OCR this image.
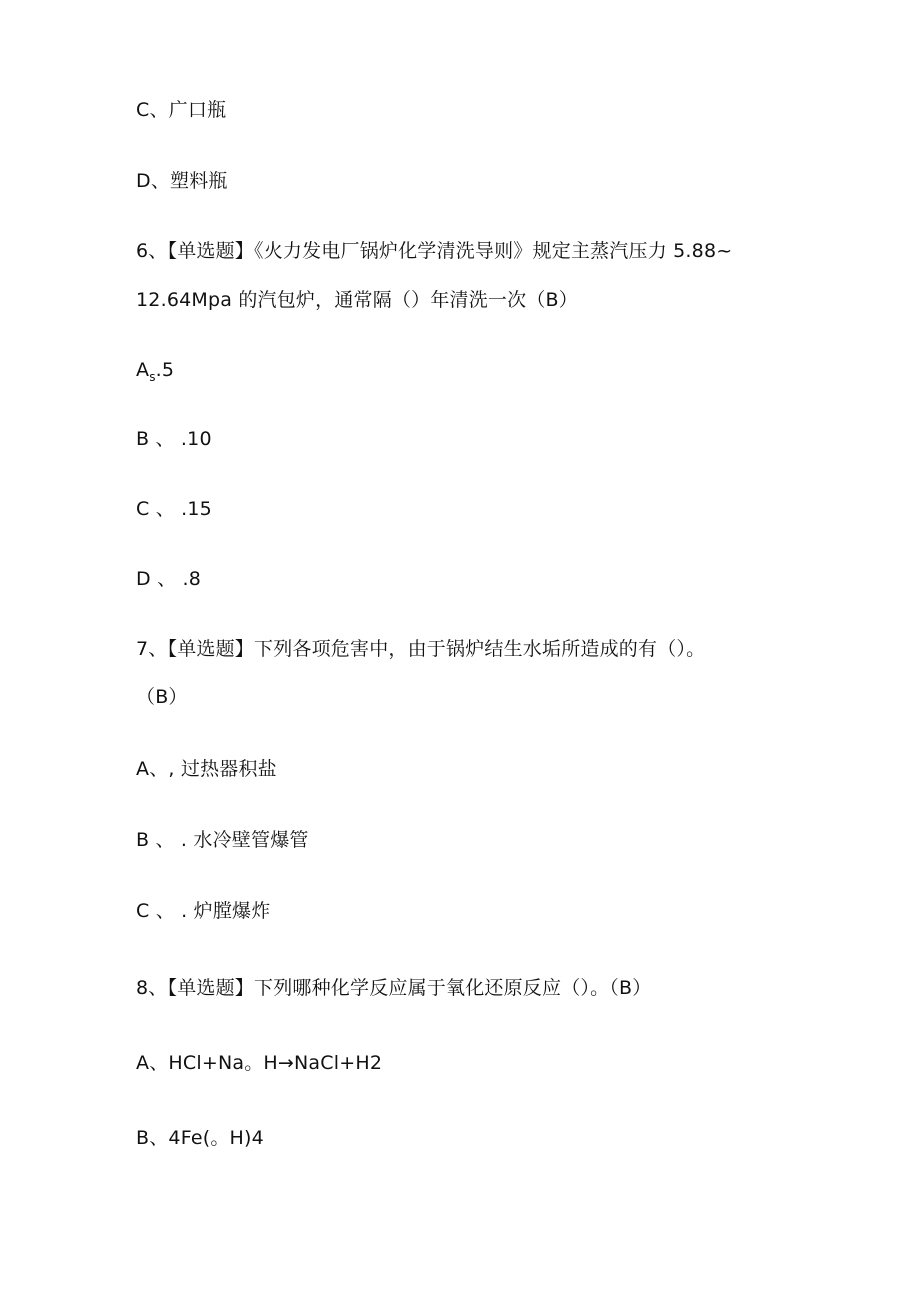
C、广口瓶
D、塑料瓶
6、【单选题】《火力发电厂锅炉化学清洗导则》规定主蒸汽压力 5.88~
12.64Mpa 的汽包炉，通常隔（）年清洗一次（B）
$A_s.5$
B 、 .10
C 、 .15
D 、 .8
7、【单选题】下列各项危害中，由于锅炉结生水垢所造成的有（）。
（B）
A、, 过热器积盐
B 、 . 水冷壁管爆管
C 、 . 炉膛爆炸
8、【单选题】下列哪种化学反应属于氧化还原反应（）。（B）
A、HCl+Na。H→NaCl+H2
B、4Fe(。H)4
